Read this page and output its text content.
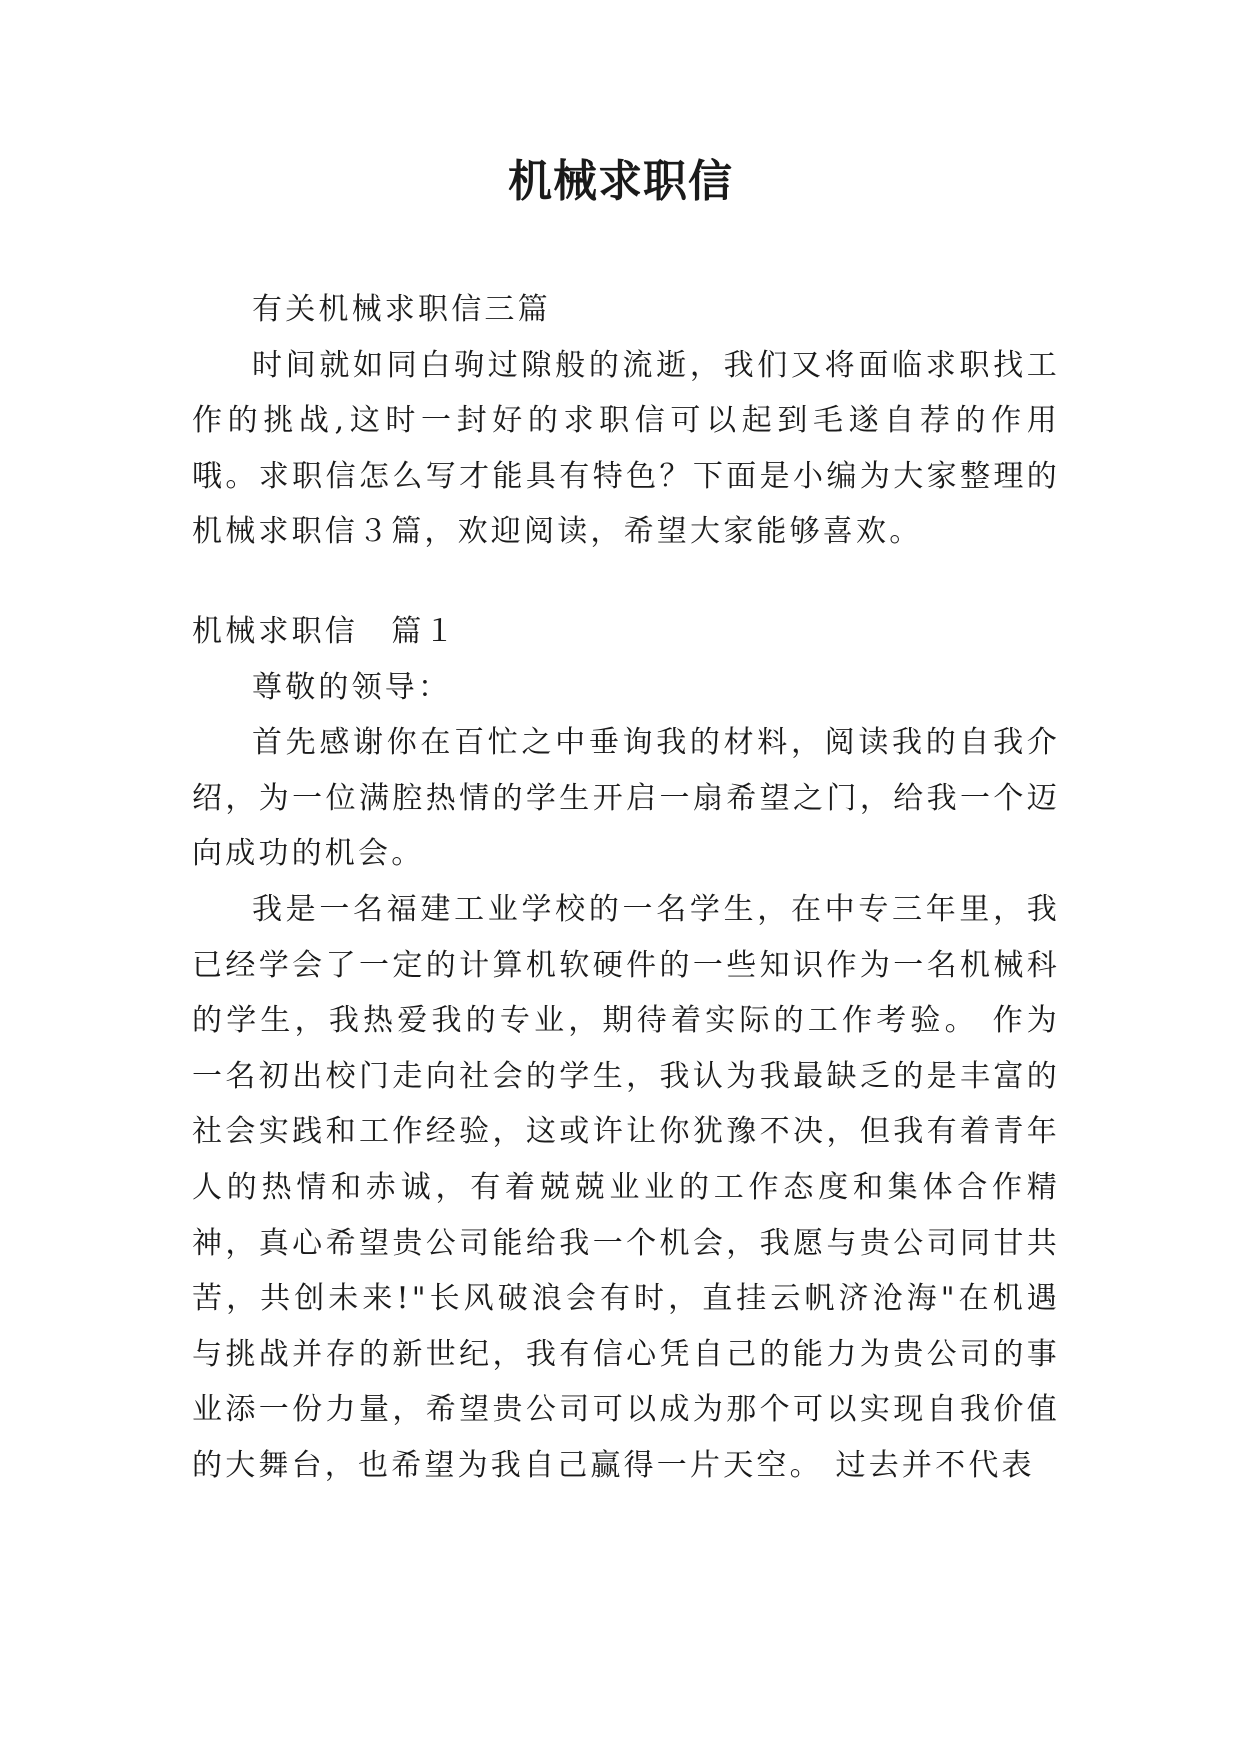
机械求职信

有关机械求职信三篇

时间就如同白驹过隙般的流逝，我们又将面临求职找工作的挑战,这时一封好的求职信可以起到毛遂自荐的作用哦。求职信怎么写才能具有特色？下面是小编为大家整理的机械求职信３篇，欢迎阅读，希望大家能够喜欢。

机械求职信　篇１

尊敬的领导：

首先感谢你在百忙之中垂询我的材料，阅读我的自我介绍，为一位满腔热情的学生开启一扇希望之门，给我一个迈向成功的机会。

我是一名福建工业学校的一名学生，在中专三年里，我已经学会了一定的计算机软硬件的一些知识作为一名机械科的学生，我热爱我的专业，期待着实际的工作考验。 作为一名初出校门走向社会的学生，我认为我最缺乏的是丰富的社会实践和工作经验，这或许让你犹豫不决，但我有着青年人的热情和赤诚，有着兢兢业业的工作态度和集体合作精神，真心希望贵公司能给我一个机会，我愿与贵公司同甘共苦，共创未来!"长风破浪会有时，直挂云帆济沧海"在机遇与挑战并存的新世纪，我有信心凭自己的能力为贵公司的事业添一份力量，希望贵公司可以成为那个可以实现自我价值的大舞台，也希望为我自己赢得一片天空。 过去并不代表
